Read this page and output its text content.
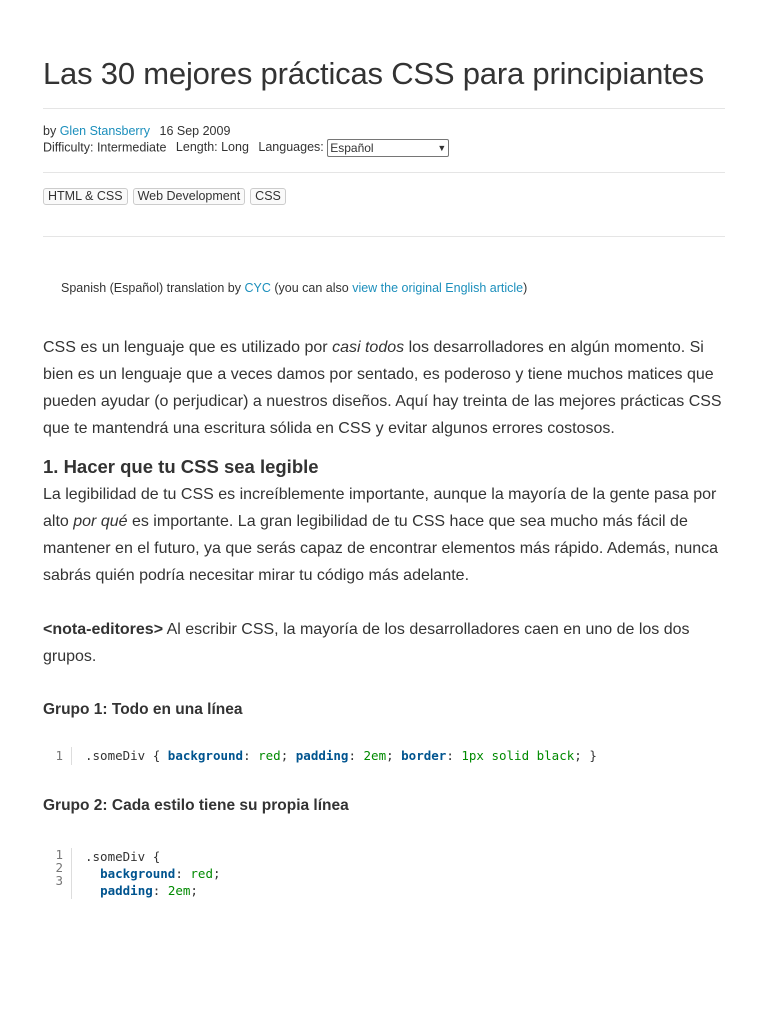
Las 30 mejores prácticas CSS para principiantes
by Glen Stansberry 16 Sep 2009
Difficulty: Intermediate Length: Long Languages: Español	▼
HTML & CSS	Web Development	CSS
Spanish (Español) translation by CYC (you can also view the original English article)

CSS es un lenguaje que es utilizado por casi todos los desarrolladores en algún momento. Si bien es un lenguaje que a veces damos por sentado, es poderoso y tiene muchos matices que pueden ayudar (o perjudicar) a nuestros diseños. Aquí hay treinta de las mejores prácticas CSS que te mantendrá una escritura sólida en CSS y evitar algunos errores costosos.

1. Hacer que tu CSS sea legible

La legibilidad de tu CSS es increíblemente importante, aunque la mayoría de la gente pasa por alto por qué es importante. La gran legibilidad de tu CSS hace que sea mucho más fácil de mantener en el futuro, ya que serás capaz de encontrar elementos más rápido. Además, nunca sabrás quién podría necesitar mirar tu código más adelante.

<nota-editores> Al escribir CSS, la mayoría de los desarrolladores caen en uno de los dos grupos.

Grupo 1: Todo en una línea
1 .someDiv { background: red; padding: 2em; border: 1px solid black; }
Grupo 2: Cada estilo tiene su propia línea
1
2
3
.someDiv {
background: red;
padding: 2em;
